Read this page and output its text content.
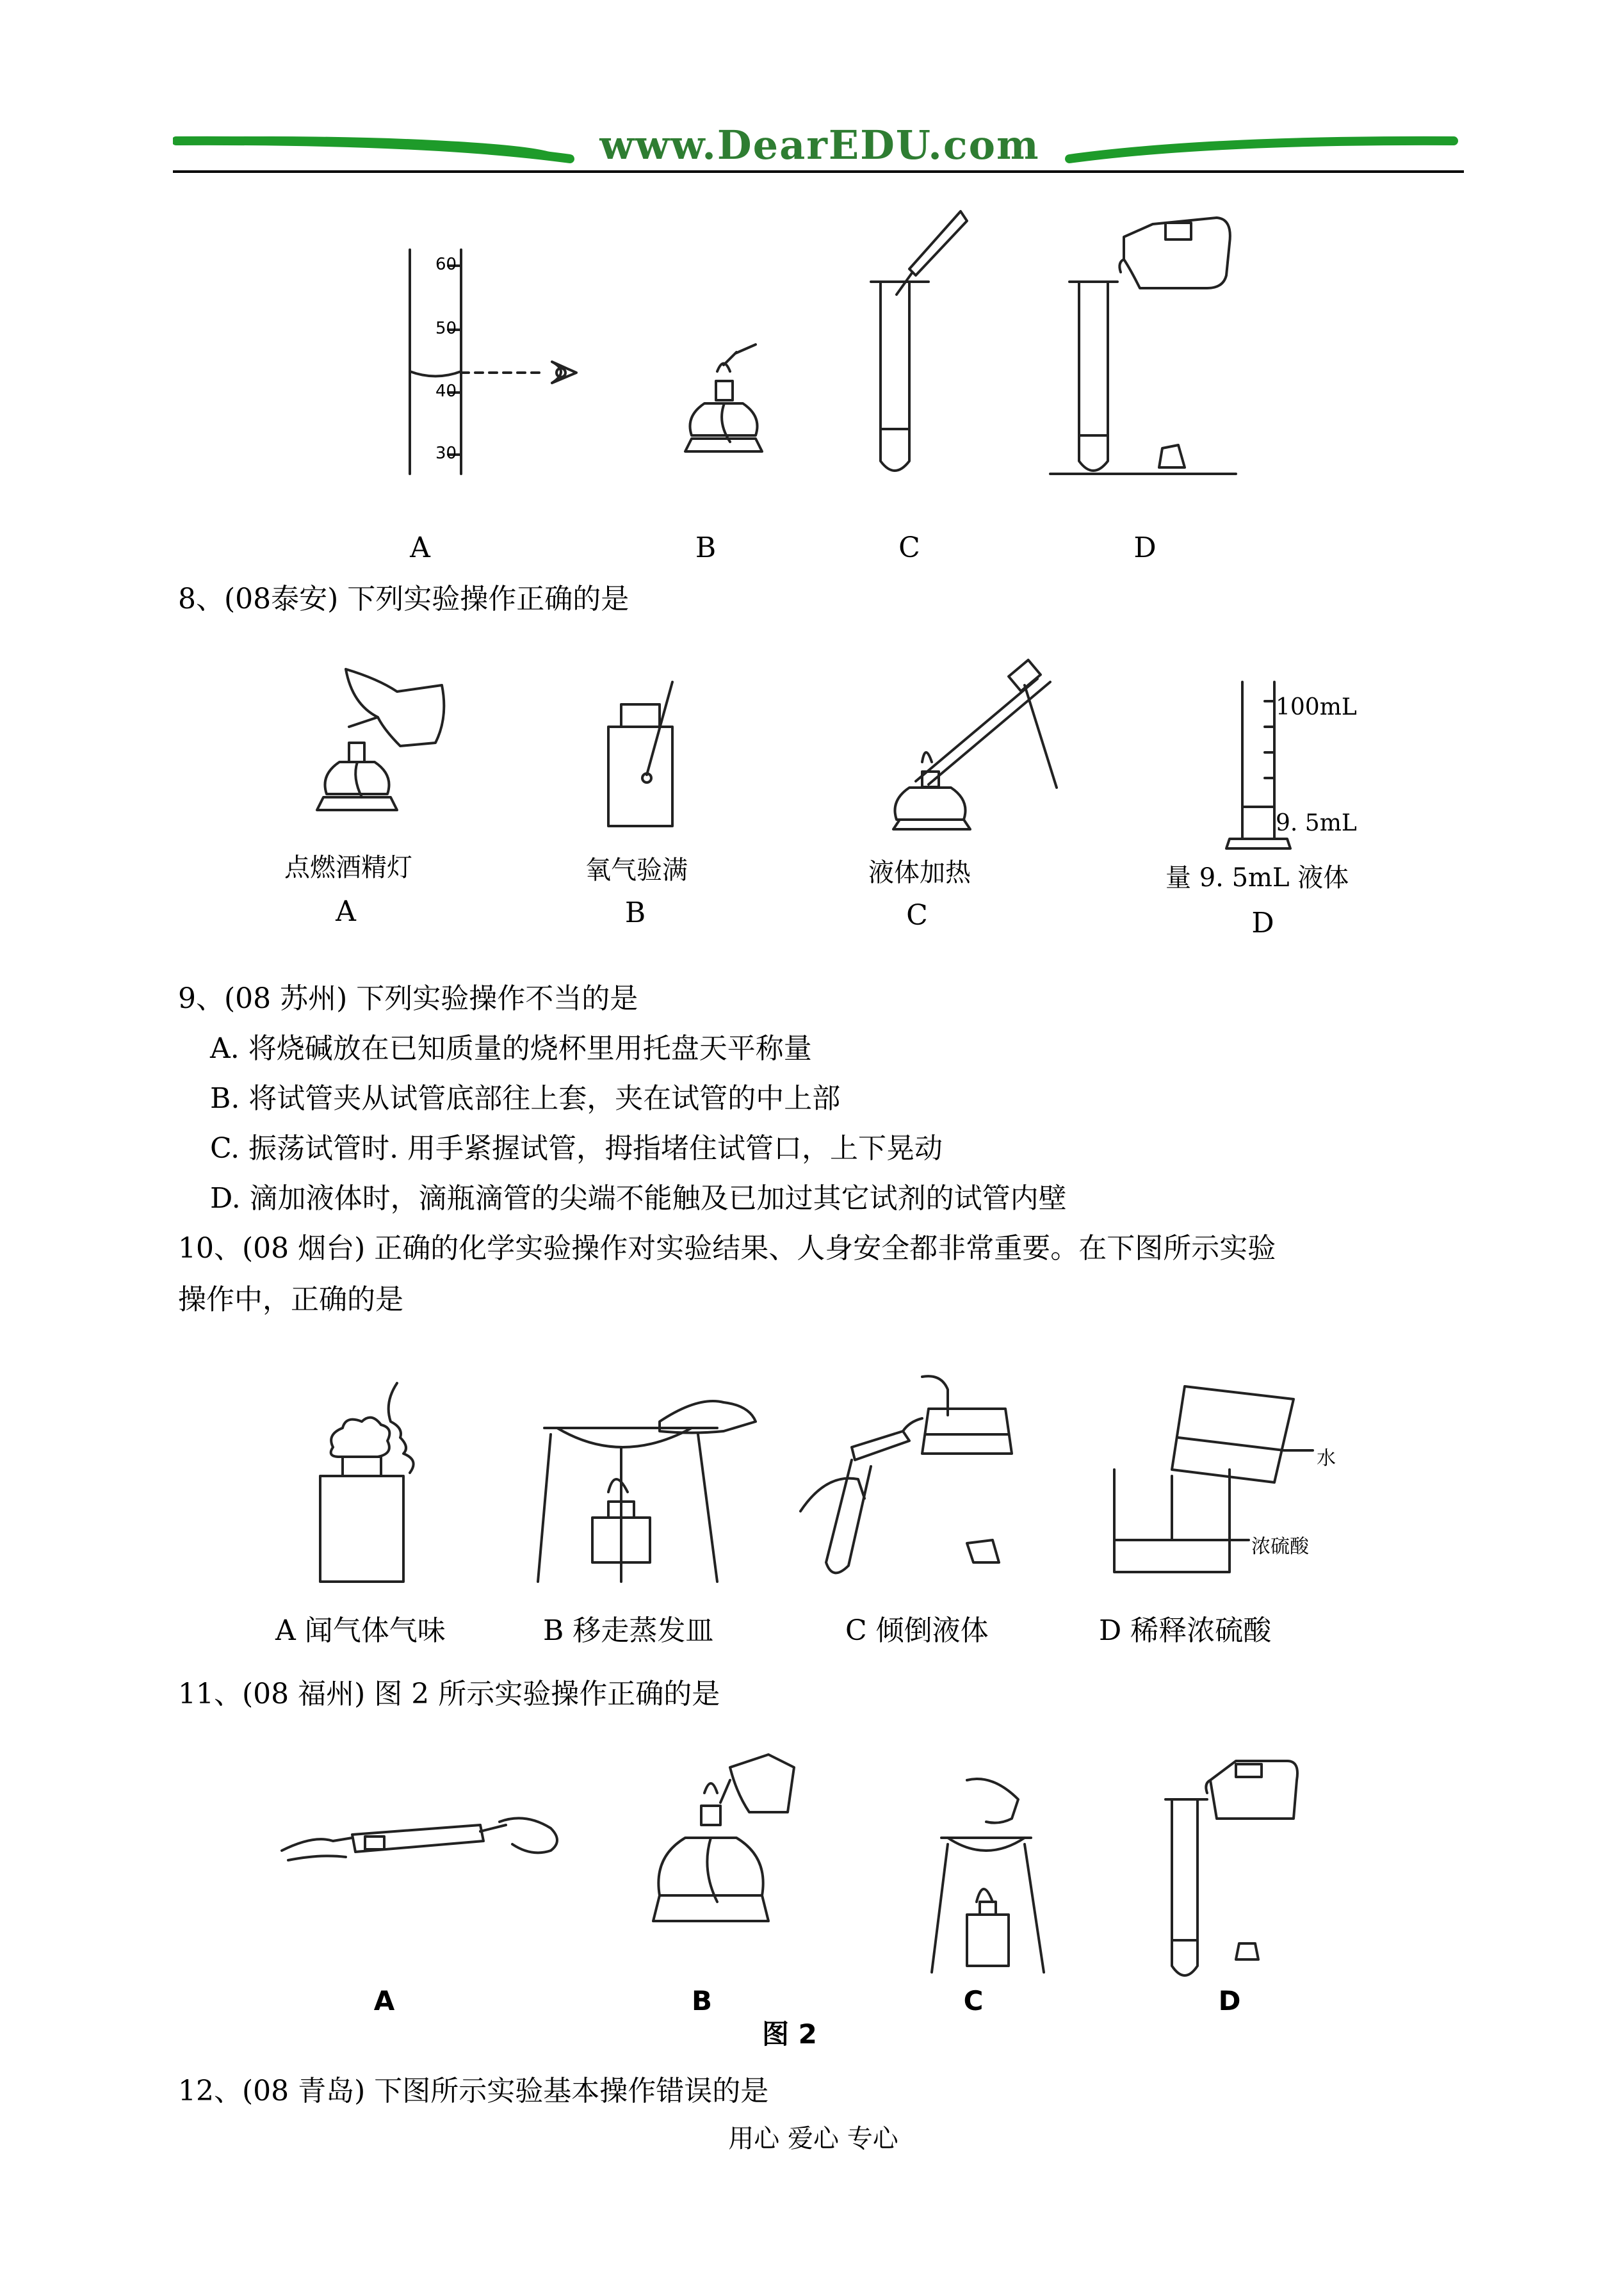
www.DearEDU.com
60
50
40
30
A	B	C	D
8、(08泰安) 下列实验操作正确的是
100mL
9. 5mL
点燃酒精灯	氧气验满	液体加热	量 9. 5mL 液体
A	B	C	D
9、(08 苏州) 下列实验操作不当的是
A. 将烧碱放在已知质量的烧杯里用托盘天平称量
B. 将试管夹从试管底部往上套，夹在试管的中上部
C. 振荡试管时. 用手紧握试管，拇指堵住试管口，上下晃动
D. 滴加液体时，滴瓶滴管的尖端不能触及已加过其它试剂的试管内壁
10、(08 烟台) 正确的化学实验操作对实验结果、人身安全都非常重要。在下图所示实验
操作中，正确的是
水
浓硫酸
A 闻气体气味	B 移走蒸发皿	C 倾倒液体	D 稀释浓硫酸
11、(08 福州) 图 2 所示实验操作正确的是
A	B	C	D
图 2
12、(08 青岛) 下图所示实验基本操作错误的是
用心 爱心 专心
